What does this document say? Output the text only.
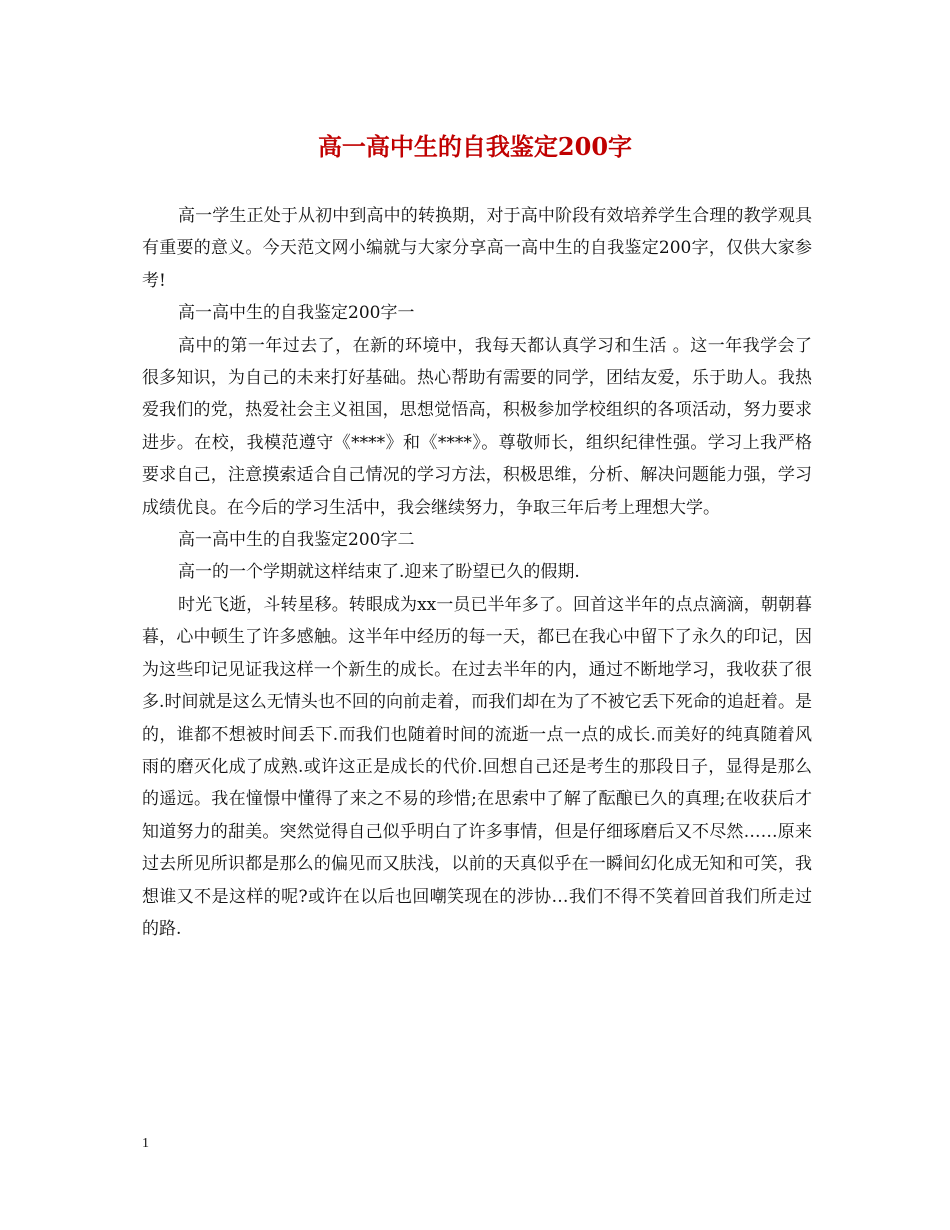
高一高中生的自我鉴定200字

高一学生正处于从初中到高中的转换期，对于高中阶段有效培养学生合理的教学观具有重要的意义。今天范文网小编就与大家分享高一高中生的自我鉴定200字，仅供大家参考!

高一高中生的自我鉴定200字一

高中的第一年过去了，在新的环境中，我每天都认真学习和生活 。这一年我学会了很多知识，为自己的未来打好基础。热心帮助有需要的同学，团结友爱，乐于助人。我热爱我们的党，热爱社会主义祖国，思想觉悟高，积极参加学校组织的各项活动，努力要求进步。在校，我模范遵守《****》和《****》。尊敬师长，组织纪律性强。学习上我严格要求自己，注意摸索适合自己情况的学习方法，积极思维，分析、解决问题能力强，学习成绩优良。在今后的学习生活中，我会继续努力，争取三年后考上理想大学。

高一高中生的自我鉴定200字二

高一的一个学期就这样结束了.迎来了盼望已久的假期.

时光飞逝，斗转星移。转眼成为xx一员已半年多了。回首这半年的点点滴滴，朝朝暮暮，心中顿生了许多感触。这半年中经历的每一天，都已在我心中留下了永久的印记，因为这些印记见证我这样一个新生的成长。在过去半年的内，通过不断地学习，我收获了很多.时间就是这么无情头也不回的向前走着，而我们却在为了不被它丢下死命的追赶着。是的，谁都不想被时间丢下.而我们也随着时间的流逝一点一点的成长.而美好的纯真随着风雨的磨灭化成了成熟.或许这正是成长的代价.回想自己还是考生的那段日子，显得是那么的遥远。我在憧憬中懂得了来之不易的珍惜;在思索中了解了酝酿已久的真理;在收获后才知道努力的甜美。突然觉得自己似乎明白了许多事情，但是仔细琢磨后又不尽然……原来过去所见所识都是那么的偏见而又肤浅，以前的天真似乎在一瞬间幻化成无知和可笑，我想谁又不是这样的呢?或许在以后也回嘲笑现在的涉协…我们不得不笑着回首我们所走过的路.

1
